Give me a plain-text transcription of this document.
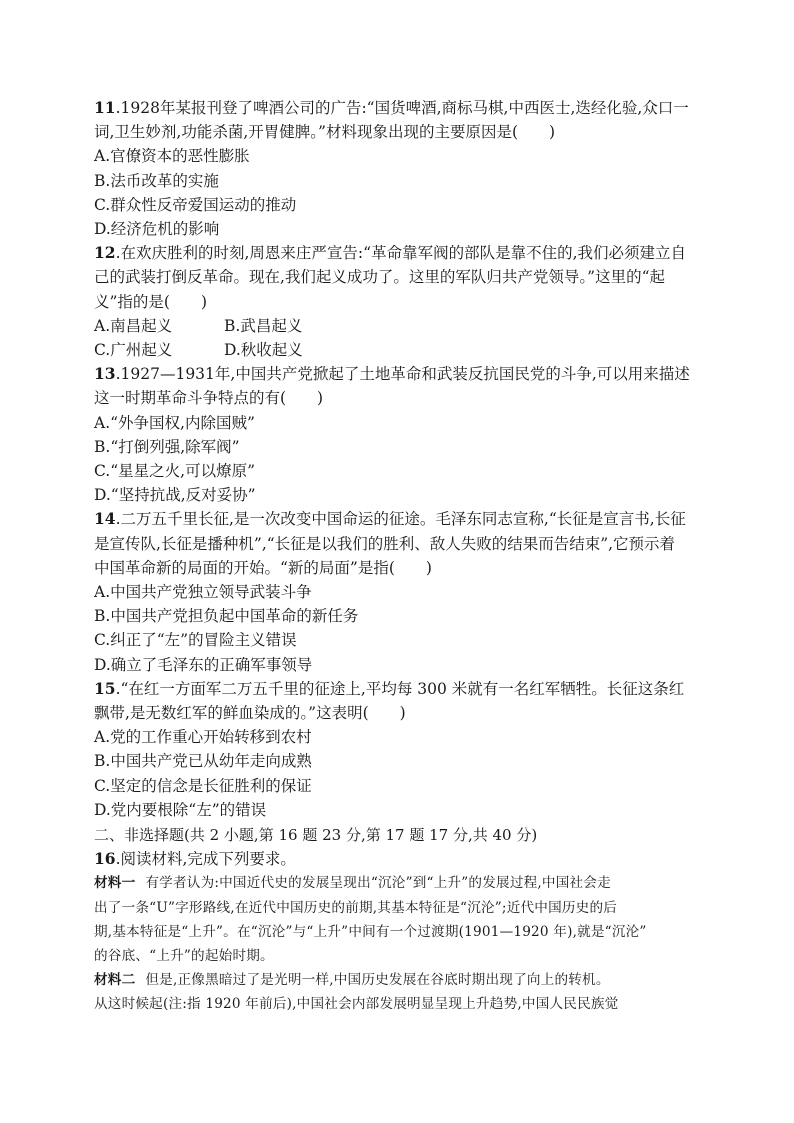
11.1928年某报刊登了啤酒公司的广告:“国货啤酒,商标马棋,中西医士,迭经化验,众口一
词,卫生妙剂,功能杀菌,开胃健脾。”材料现象出现的主要原因是(　　)
A.官僚资本的恶性膨胀
B.法币改革的实施
C.群众性反帝爱国运动的推动
D.经济危机的影响
12.在欢庆胜利的时刻,周恩来庄严宣告:“革命靠军阀的部队是靠不住的,我们必须建立自
己的武装打倒反革命。现在,我们起义成功了。这里的军队归共产党领导。”这里的“起
义”指的是(　　)
A.南昌起义	B.武昌起义
C.广州起义	D.秋收起义
13.1927—1931年,中国共产党掀起了土地革命和武装反抗国民党的斗争,可以用来描述
这一时期革命斗争特点的有(　　)
A.“外争国权,内除国贼”
B.“打倒列强,除军阀”
C.“星星之火,可以燎原”
D.“坚持抗战,反对妥协”
14.二万五千里长征,是一次改变中国命运的征途。毛泽东同志宣称,“长征是宣言书,长征
是宣传队,长征是播种机”,“长征是以我们的胜利、敌人失败的结果而告结束”,它预示着
中国革命新的局面的开始。“新的局面”是指(　　)
A.中国共产党独立领导武装斗争
B.中国共产党担负起中国革命的新任务
C.纠正了“左”的冒险主义错误
D.确立了毛泽东的正确军事领导
15.“在红一方面军二万五千里的征途上,平均每 300 米就有一名红军牺牲。长征这条红
飘带,是无数红军的鲜血染成的。”这表明(　　)
A.党的工作重心开始转移到农村
B.中国共产党已从幼年走向成熟
C.坚定的信念是长征胜利的保证
D.党内要根除“左”的错误
二、非选择题(共 2 小题,第 16 题 23 分,第 17 题 17 分,共 40 分)
16.阅读材料,完成下列要求。
材料一 有学者认为:中国近代史的发展呈现出“沉沦”到“上升”的发展过程,中国社会走
出了一条“U”字形路线,在近代中国历史的前期,其基本特征是“沉沦”;近代中国历史的后
期,基本特征是“上升”。在“沉沦”与“上升”中间有一个过渡期(1901—1920 年),就是“沉沦”
的谷底、“上升”的起始时期。
材料二 但是,正像黑暗过了是光明一样,中国历史发展在谷底时期出现了向上的转机。
从这时候起(注:指 1920 年前后),中国社会内部发展明显呈现上升趋势,中国人民民族觉
